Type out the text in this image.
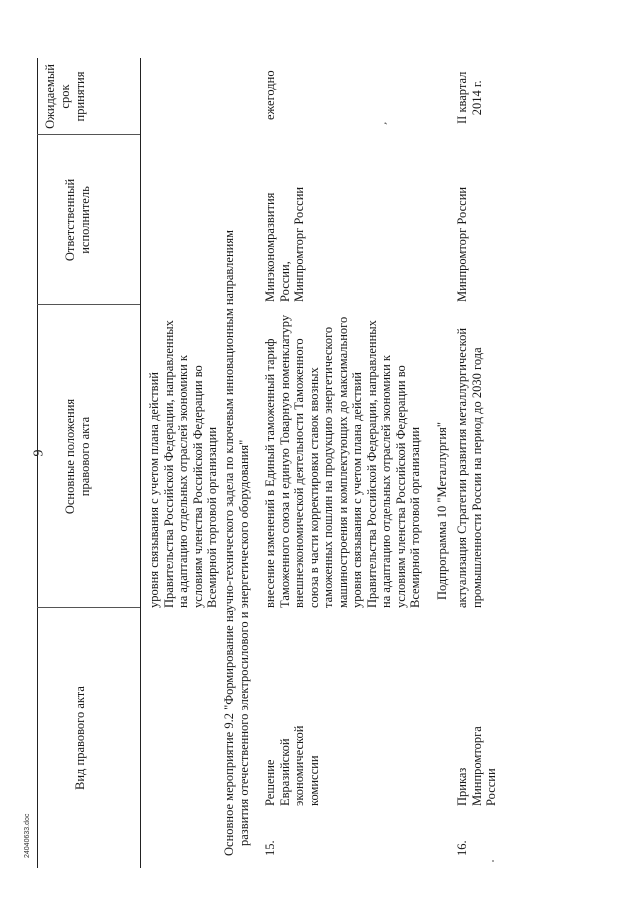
9
24040633.doc
,
Вид правового акта
Основные положения правового акта
Ответственный исполнитель
Ожидаемый срок принятия
уровня связывания с учетом плана действий Правительства Российской Федерации, направленных на адаптацию отдельных отраслей экономики к условиям членства Российской Федерации во Всемирной торговой организации Основное мероприятие 9.2 "Формирование научно-технического задела по ключевым инновационным направлениям развития отечественного электросилового и энергетического оборудования"
15.
Решение Евразийской экономической комиссии
внесение изменений в Единый таможенный тариф Таможенного союза и единую Товарную номенклатуру внешнеэкономической деятельности Таможенного союза в части корректировки ставок ввозных таможенных пошлин на продукцию энергетического машиностроения и комплектующих до максимального уровня связывания с учетом плана действий Правительства Российской Федерации, направленных на адаптацию отдельных отраслей экономики к условиям членства Российской Федерации во Всемирной торговой организации
Минэкономразвития России, Минпромторг России
ежегодно
Подпрограмма 10 "Металлургия"
16.
Приказ Минпромторга России
актуализация Стратегии развития металлургической промышленности России на период до 2030 года
Минпромторг России
II квартал 2014 г.
